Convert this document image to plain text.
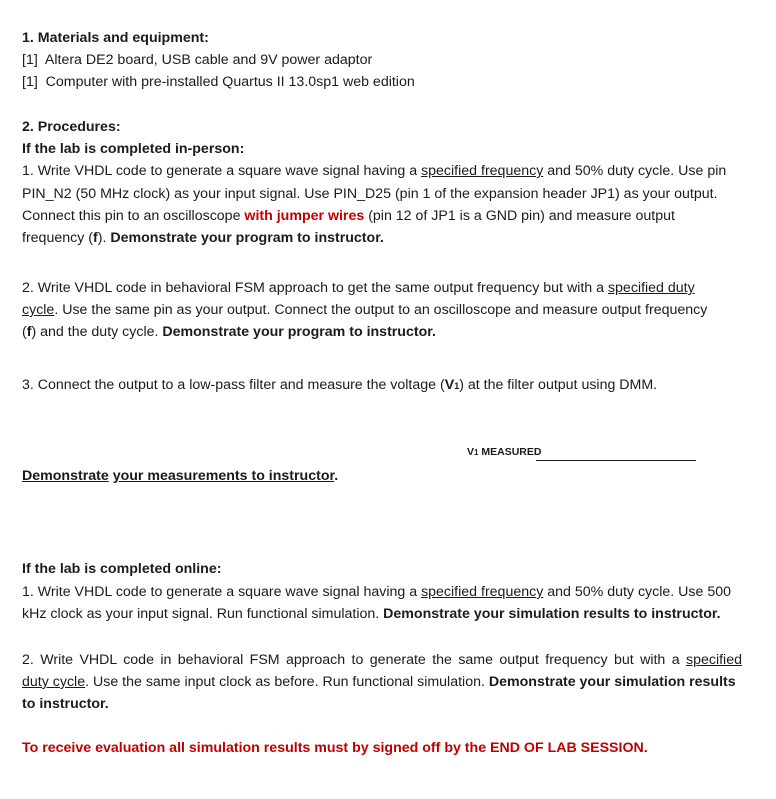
1. Materials and equipment:
[1] Altera DE2 board, USB cable and 9V power adaptor
[1] Computer with pre-installed Quartus II 13.0sp1 web edition
2. Procedures:
If the lab is completed in-person:
1. Write VHDL code to generate a square wave signal having a specified frequency and 50% duty cycle. Use pin
PIN_N2 (50 MHz clock) as your input signal. Use PIN_D25 (pin 1 of the expansion header JP1) as your output.
Connect this pin to an oscilloscope with jumper wires (pin 12 of JP1 is a GND pin) and measure output
frequency (f). Demonstrate your program to instructor.
2. Write VHDL code in behavioral FSM approach to get the same output frequency but with a specified duty
cycle. Use the same pin as your output. Connect the output to an oscilloscope and measure output frequency
(f) and the duty cycle. Demonstrate your program to instructor.
3. Connect the output to a low-pass filter and measure the voltage (V1) at the filter output using DMM.
V1 MEASURED
Demonstrate your measurements to instructor.
If the lab is completed online:
1. Write VHDL code to generate a square wave signal having a specified frequency and 50% duty cycle. Use 500
kHz clock as your input signal. Run functional simulation. Demonstrate your simulation results to instructor.
2. Write VHDL code in behavioral FSM approach to generate the same output frequency but with a specified
duty cycle. Use the same input clock as before. Run functional simulation. Demonstrate your simulation results
to instructor.
To receive evaluation all simulation results must by signed off by the END OF LAB SESSION.
